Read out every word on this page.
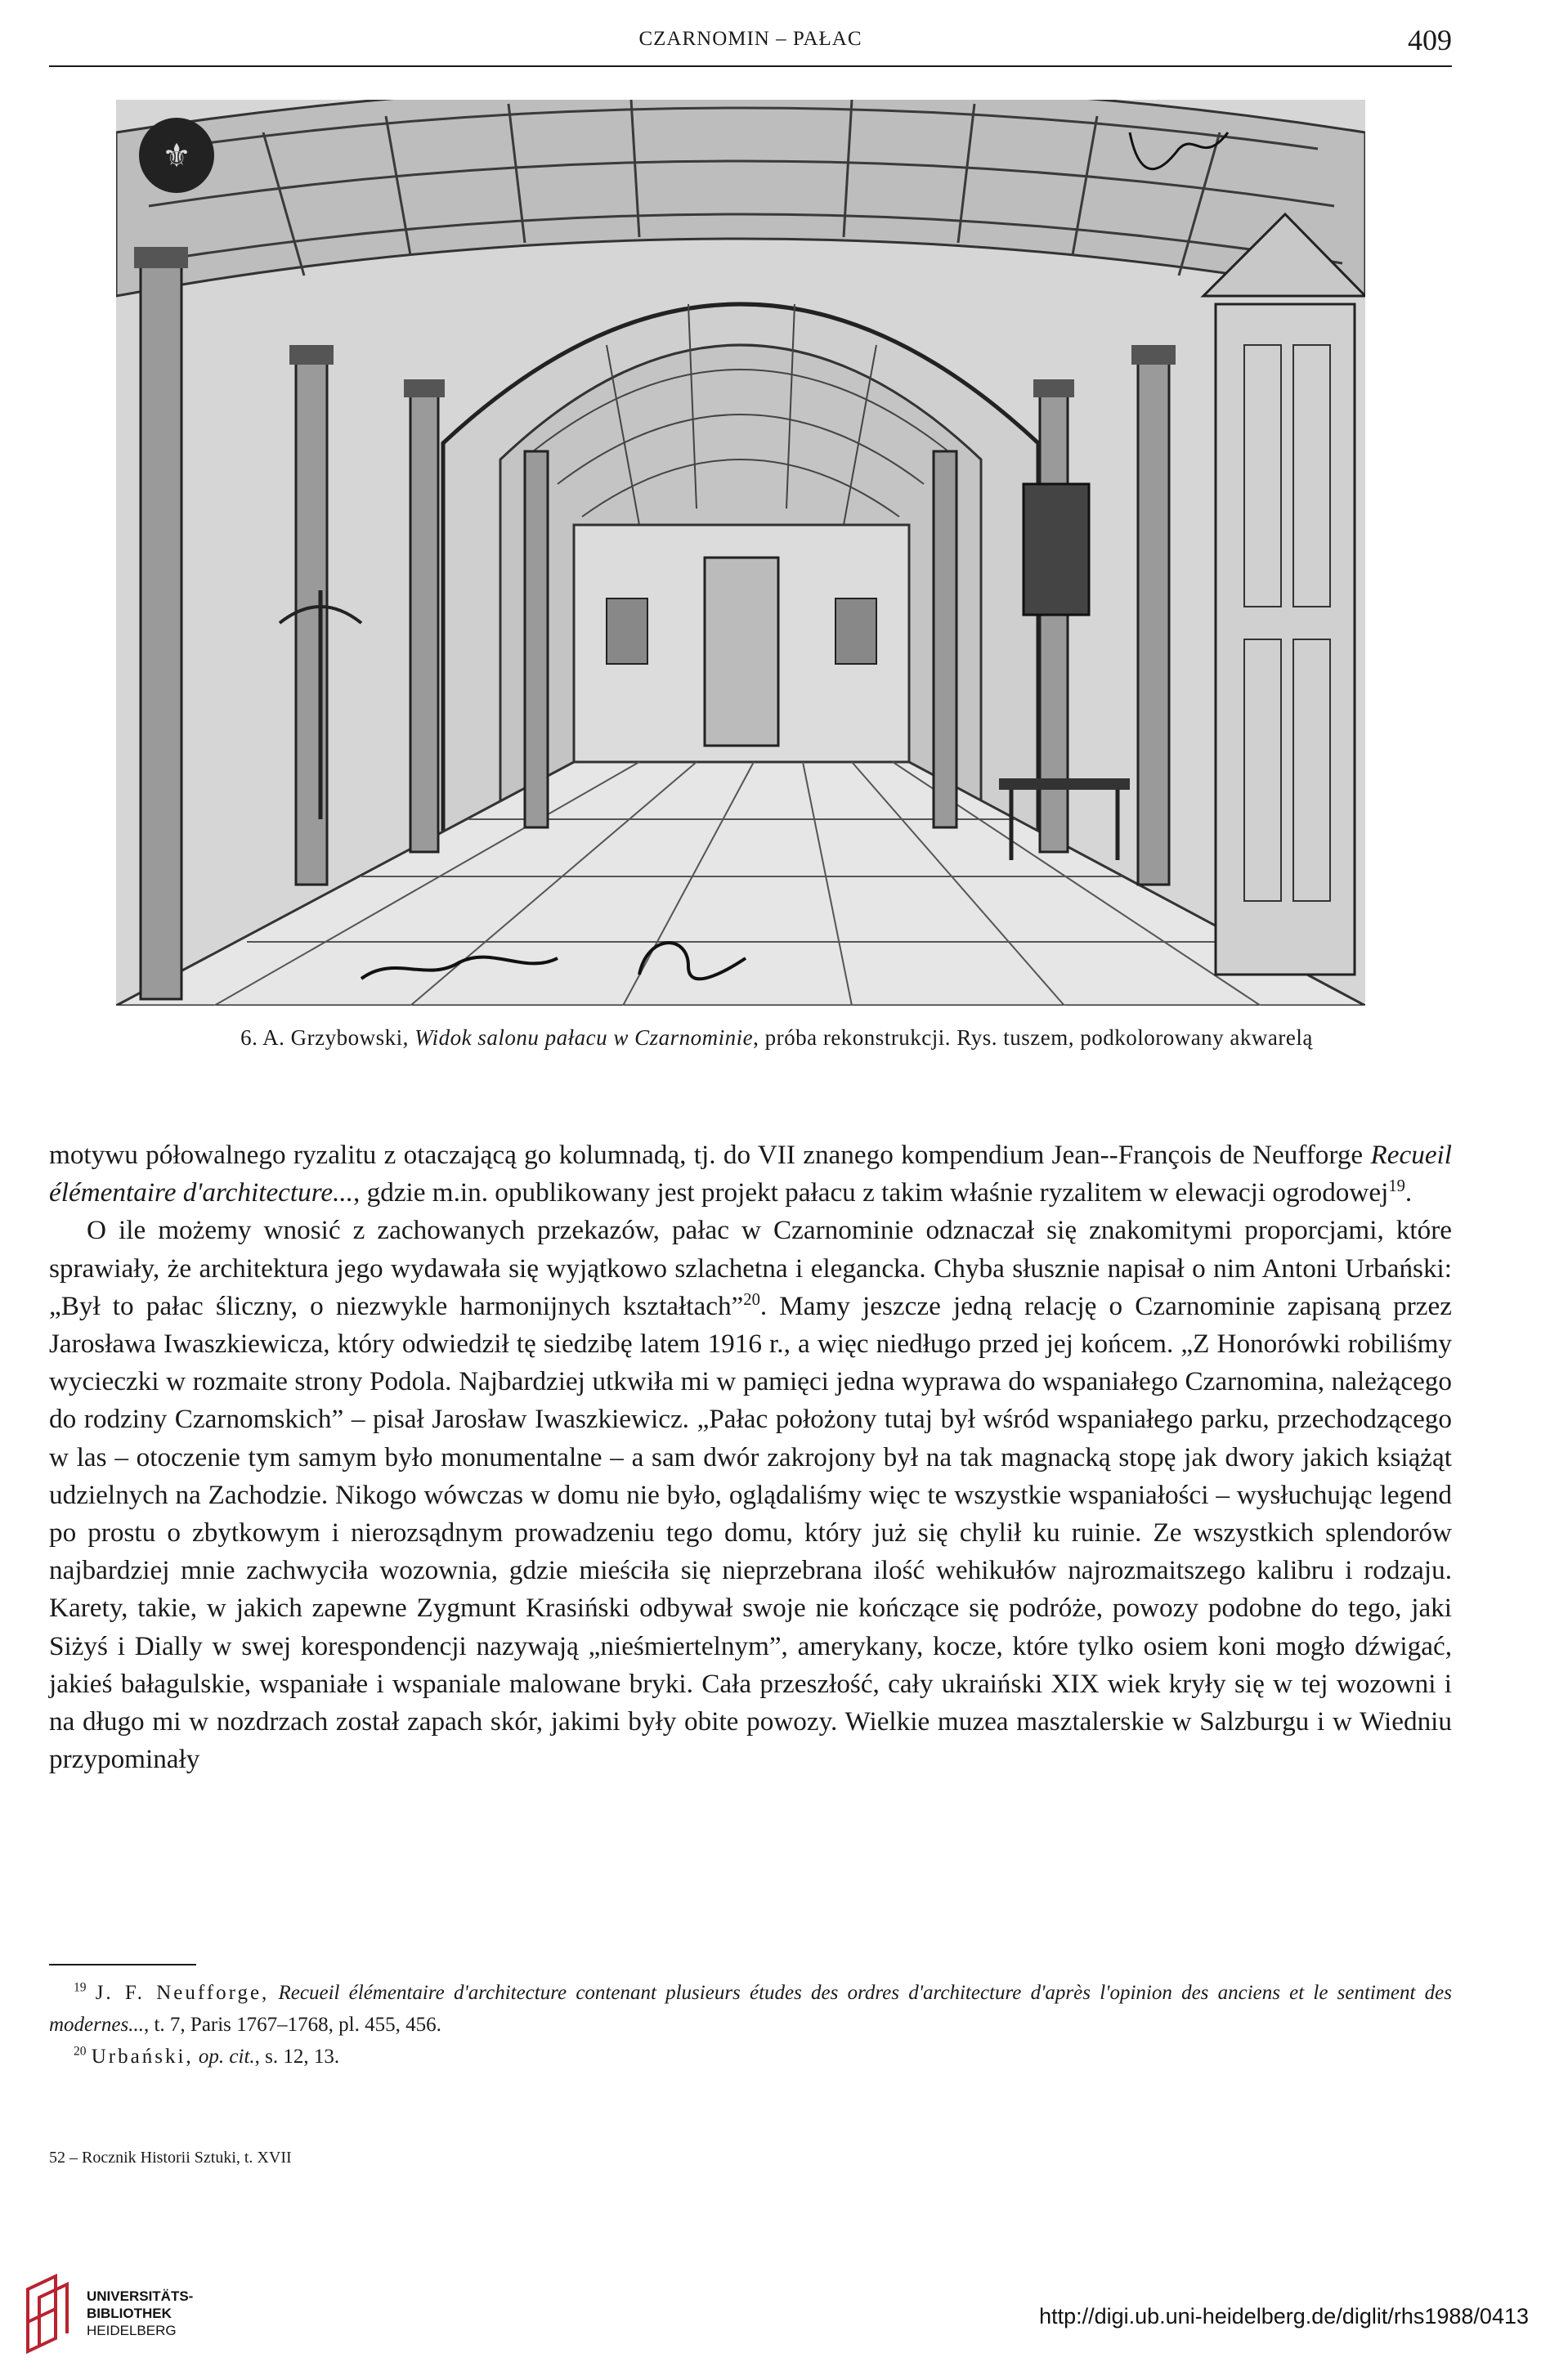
CZARNOMIN – PAŁAC	409
⚜
6. A. Grzybowski, Widok salonu pałacu w Czarnominie, próba rekonstrukcji. Rys. tuszem, podkolorowany akwarelą

motywu półowalnego ryzalitu z otaczającą go kolumnadą, tj. do VII znanego kompendium Jean--François de Neufforge Recueil élémentaire d'architecture..., gdzie m.in. opublikowany jest projekt pałacu z takim właśnie ryzalitem w elewacji ogrodowej$^{19}$.

O ile możemy wnosić z zachowanych przekazów, pałac w Czarnominie odznaczał się znakomitymi proporcjami, które sprawiały, że architektura jego wydawała się wyjątkowo szlachetna i elegancka. Chyba słusznie napisał o nim Antoni Urbański: „Był to pałac śliczny, o niezwykle harmonijnych kształtach”$^{20}$. Mamy jeszcze jedną relację o Czarnominie zapisaną przez Jarosława Iwaszkiewicza, który odwiedził tę siedzibę latem 1916 r., a więc niedługo przed jej końcem. „Z Honorówki robiliśmy wycieczki w rozmaite strony Podola. Najbardziej utkwiła mi w pamięci jedna wyprawa do wspaniałego Czarnomina, należącego do rodziny Czarnomskich” – pisał Jarosław Iwaszkiewicz. „Pałac położony tutaj był wśród wspaniałego parku, przechodzącego w las – otoczenie tym samym było monumentalne – a sam dwór zakrojony był na tak magnacką stopę jak dwory jakich książąt udzielnych na Zachodzie. Nikogo wówczas w domu nie było, oglądaliśmy więc te wszystkie wspaniałości – wysłuchując legend po prostu o zbytkowym i nierozsądnym prowadzeniu tego domu, który już się chylił ku ruinie. Ze wszystkich splendorów najbardziej mnie zachwyciła wozownia, gdzie mieściła się nieprzebrana ilość wehikułów najrozmaitszego kalibru i rodzaju. Karety, takie, w jakich zapewne Zygmunt Krasiński odbywał swoje nie kończące się podróże, powozy podobne do tego, jaki Siżyś i Dially w swej korespondencji nazywają „nieśmiertelnym”, amerykany, kocze, które tylko osiem koni mogło dźwigać, jakieś bałagulskie, wspaniałe i wspaniale malowane bryki. Cała przeszłość, cały ukraiński XIX wiek kryły się w tej wozowni i na długo mi w nozdrzach został zapach skór, jakimi były obite powozy. Wielkie muzea masztalerskie w Salzburgu i w Wiedniu przypominały

$^{19}$ J. F. Neufforge, Recueil élémentaire d'architecture contenant plusieurs études des ordres d'architecture d'après l'opinion des anciens et le sentiment des modernes..., t. 7, Paris 1767–1768, pl. 455, 456.

$^{20}$ Urbański, op. cit., s. 12, 13.

52 – Rocznik Historii Sztuki, t. XVII
UNIVERSITÄTS-
BIBLIOTHEK
HEIDELBERG
http://digi.ub.uni-heidelberg.de/diglit/rhs1988/0413
